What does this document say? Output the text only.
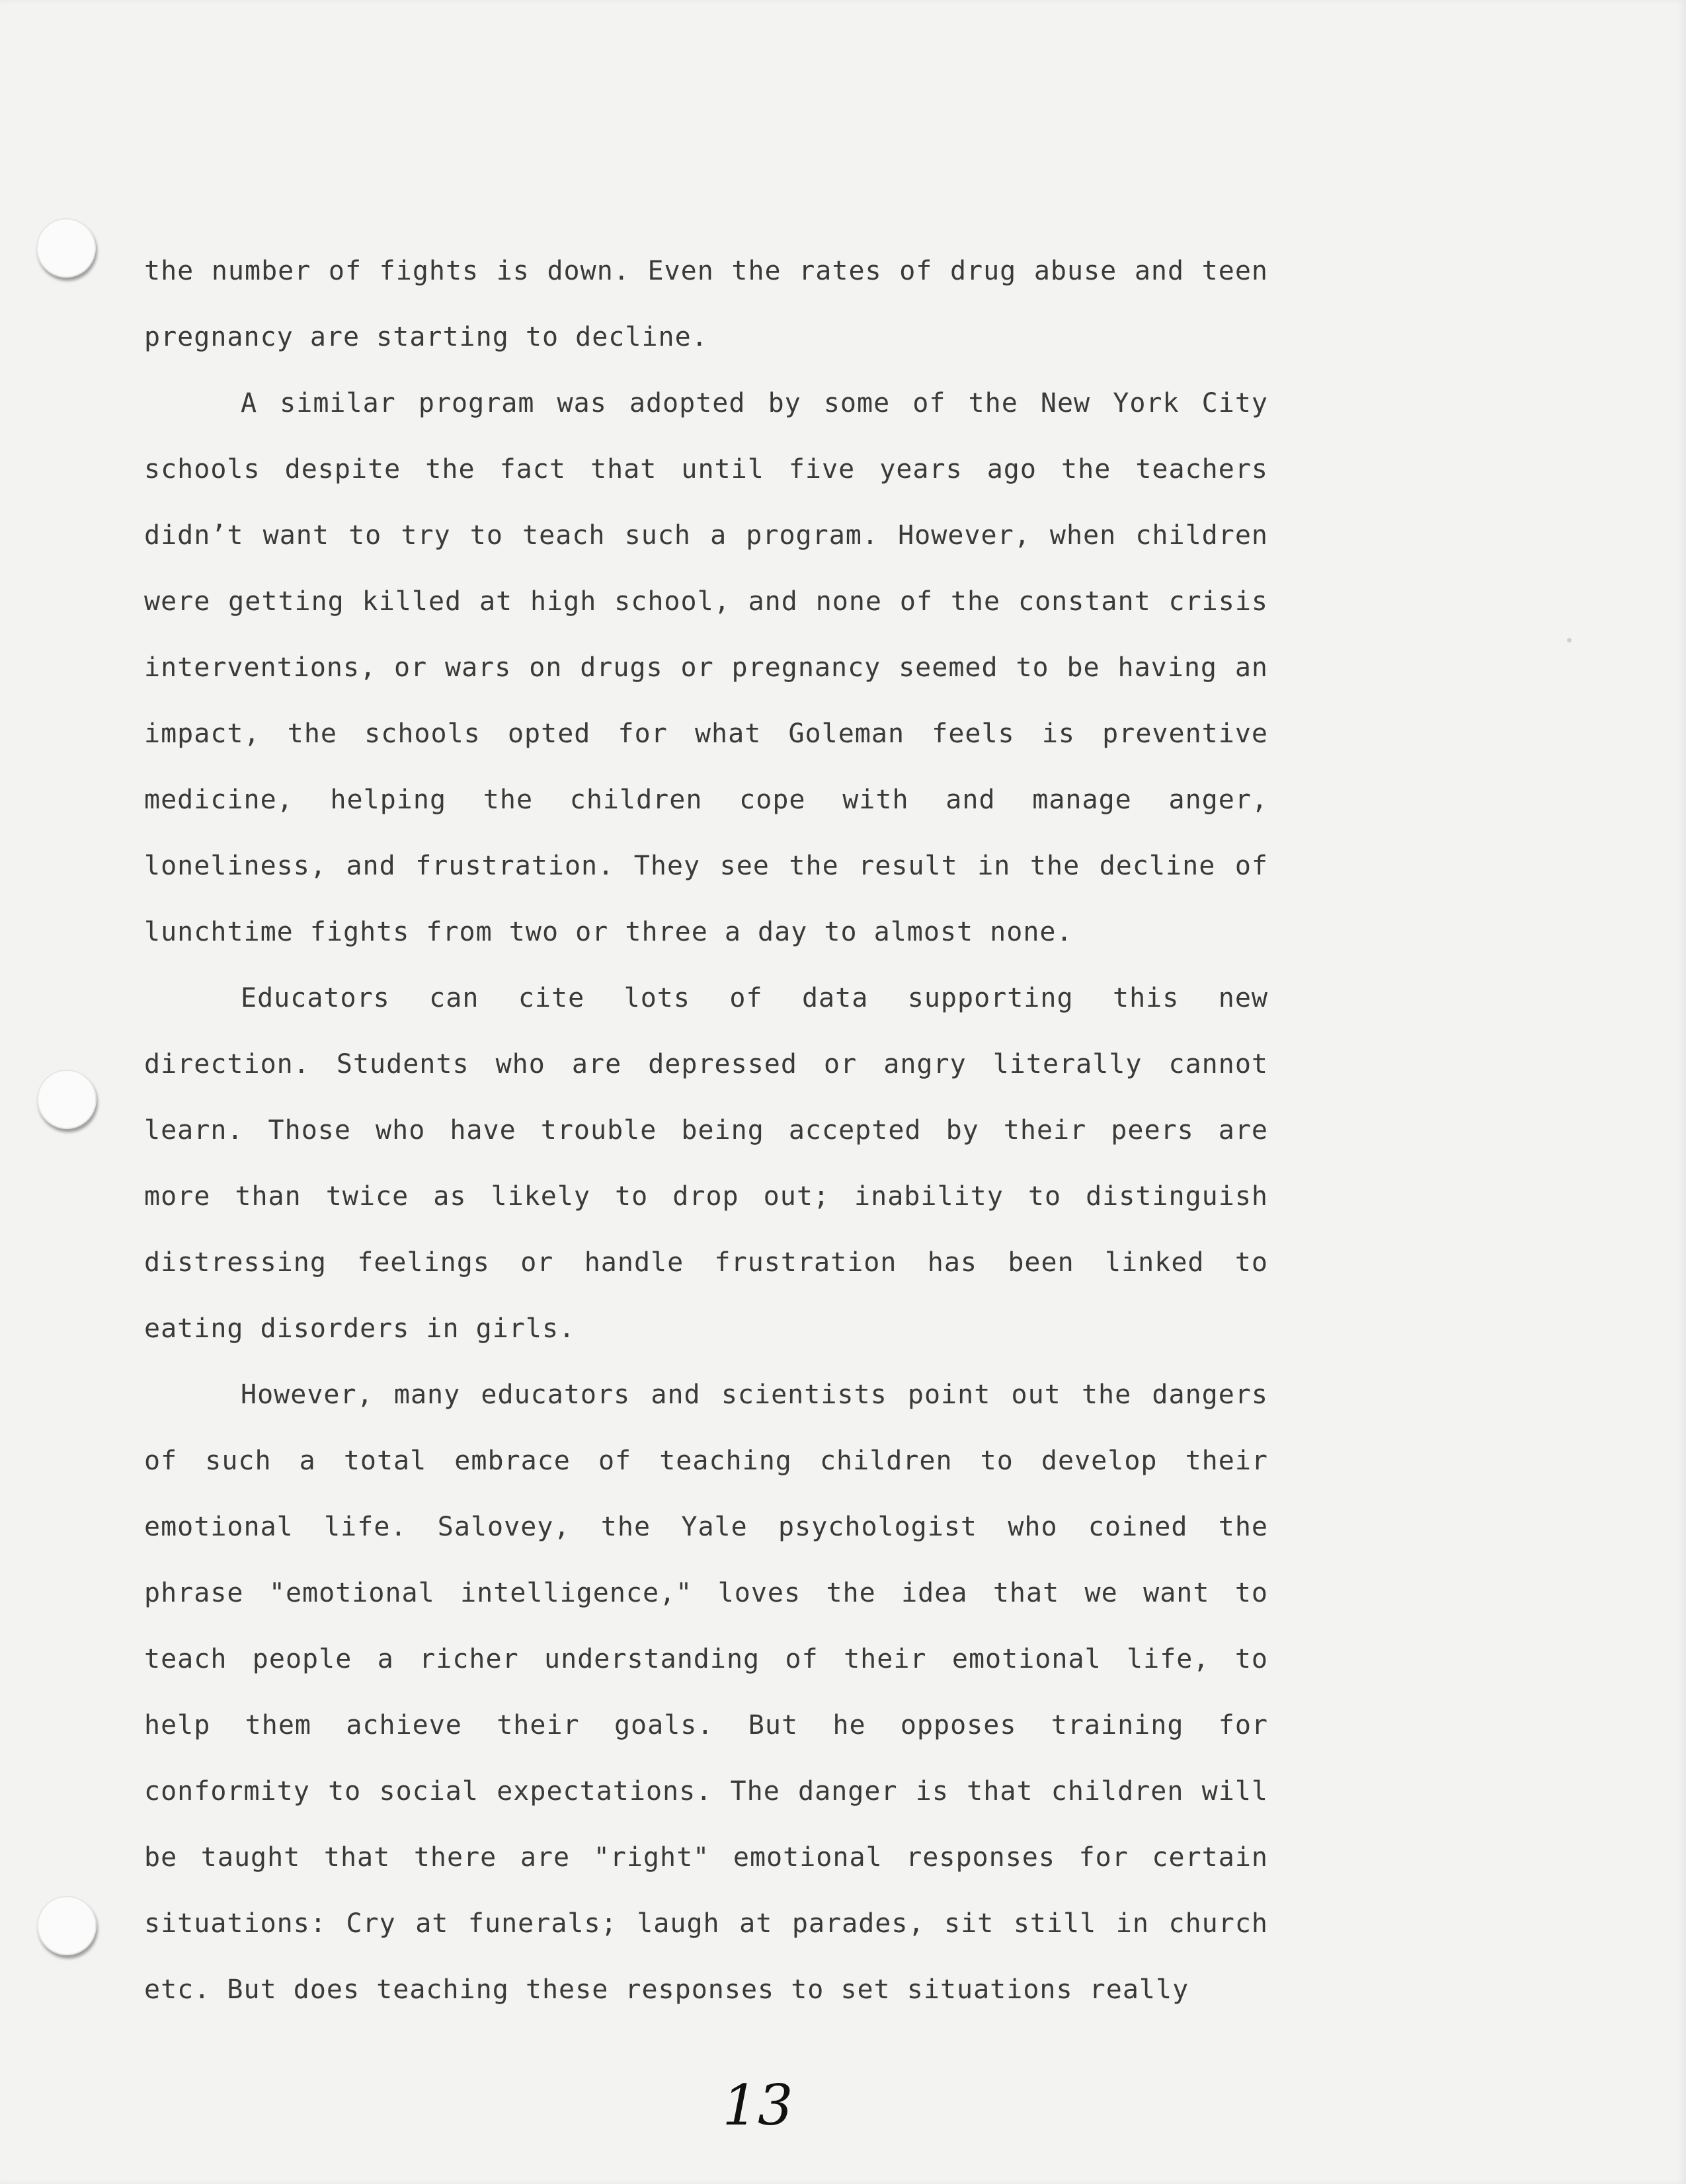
the number of fights is down. Even the rates of drug abuse and teen pregnancy are starting to decline.

A similar program was adopted by some of the New York City schools despite the fact that until five years ago the teachers didn’t want to try to teach such a program. However, when children were getting killed at high school, and none of the constant crisis interventions, or wars on drugs or pregnancy seemed to be having an impact, the schools opted for what Goleman feels is preventive medicine, helping the children cope with and manage anger, loneliness, and frustration. They see the result in the decline of lunchtime fights from two or three a day to almost none.

Educators can cite lots of data supporting this new direction. Students who are depressed or angry literally cannot learn. Those who have trouble being accepted by their peers are more than twice as likely to drop out; inability to distinguish distressing feelings or handle frustration has been linked to eating disorders in girls.

However, many educators and scientists point out the dangers of such a total embrace of teaching children to develop their emotional life. Salovey, the Yale psychologist who coined the phrase "emotional intelligence," loves the idea that we want to teach people a richer understanding of their emotional life, to help them achieve their goals. But he opposes training for conformity to social expectations. The danger is that children will be taught that there are "right" emotional responses for certain situations: Cry at funerals; laugh at parades, sit still in church etc. But does teaching these responses to set situations really

13
